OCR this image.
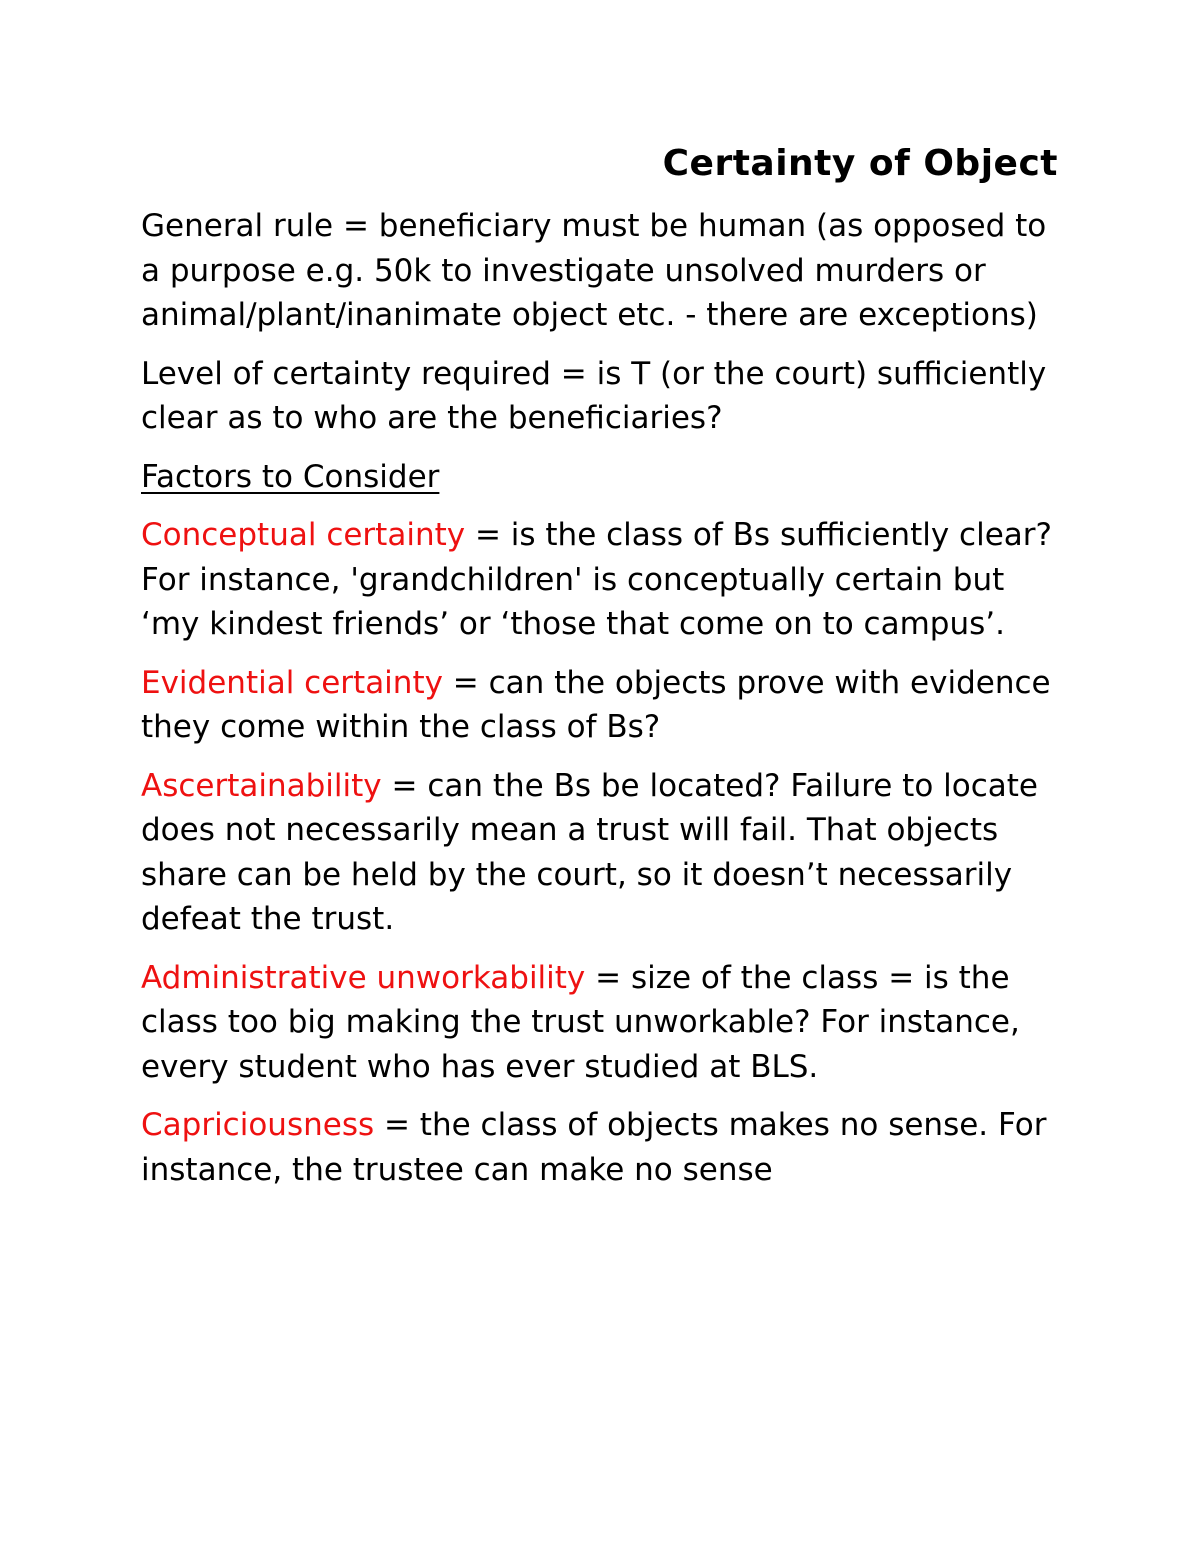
Certainty of Object

General rule = beneficiary must be human (as opposed to a purpose e.g. 50k to investigate unsolved murders or animal/plant/inanimate object etc. - there are exceptions)

Level of certainty required = is T (or the court) sufficiently clear as to who are the beneficiaries?

Factors to Consider

Conceptual certainty = is the class of Bs sufficiently clear? For instance, 'grandchildren' is conceptually certain but ‘my kindest friends’ or ‘those that come on to campus’.

Evidential certainty = can the objects prove with evidence they come within the class of Bs?

Ascertainability = can the Bs be located? Failure to locate does not necessarily mean a trust will fail. That objects share can be held by the court, so it doesn’t necessarily defeat the trust.

Administrative unworkability = size of the class = is the class too big making the trust unworkable? For instance, every student who has ever studied at BLS.

Capriciousness = the class of objects makes no sense. For instance, the trustee can make no sense
